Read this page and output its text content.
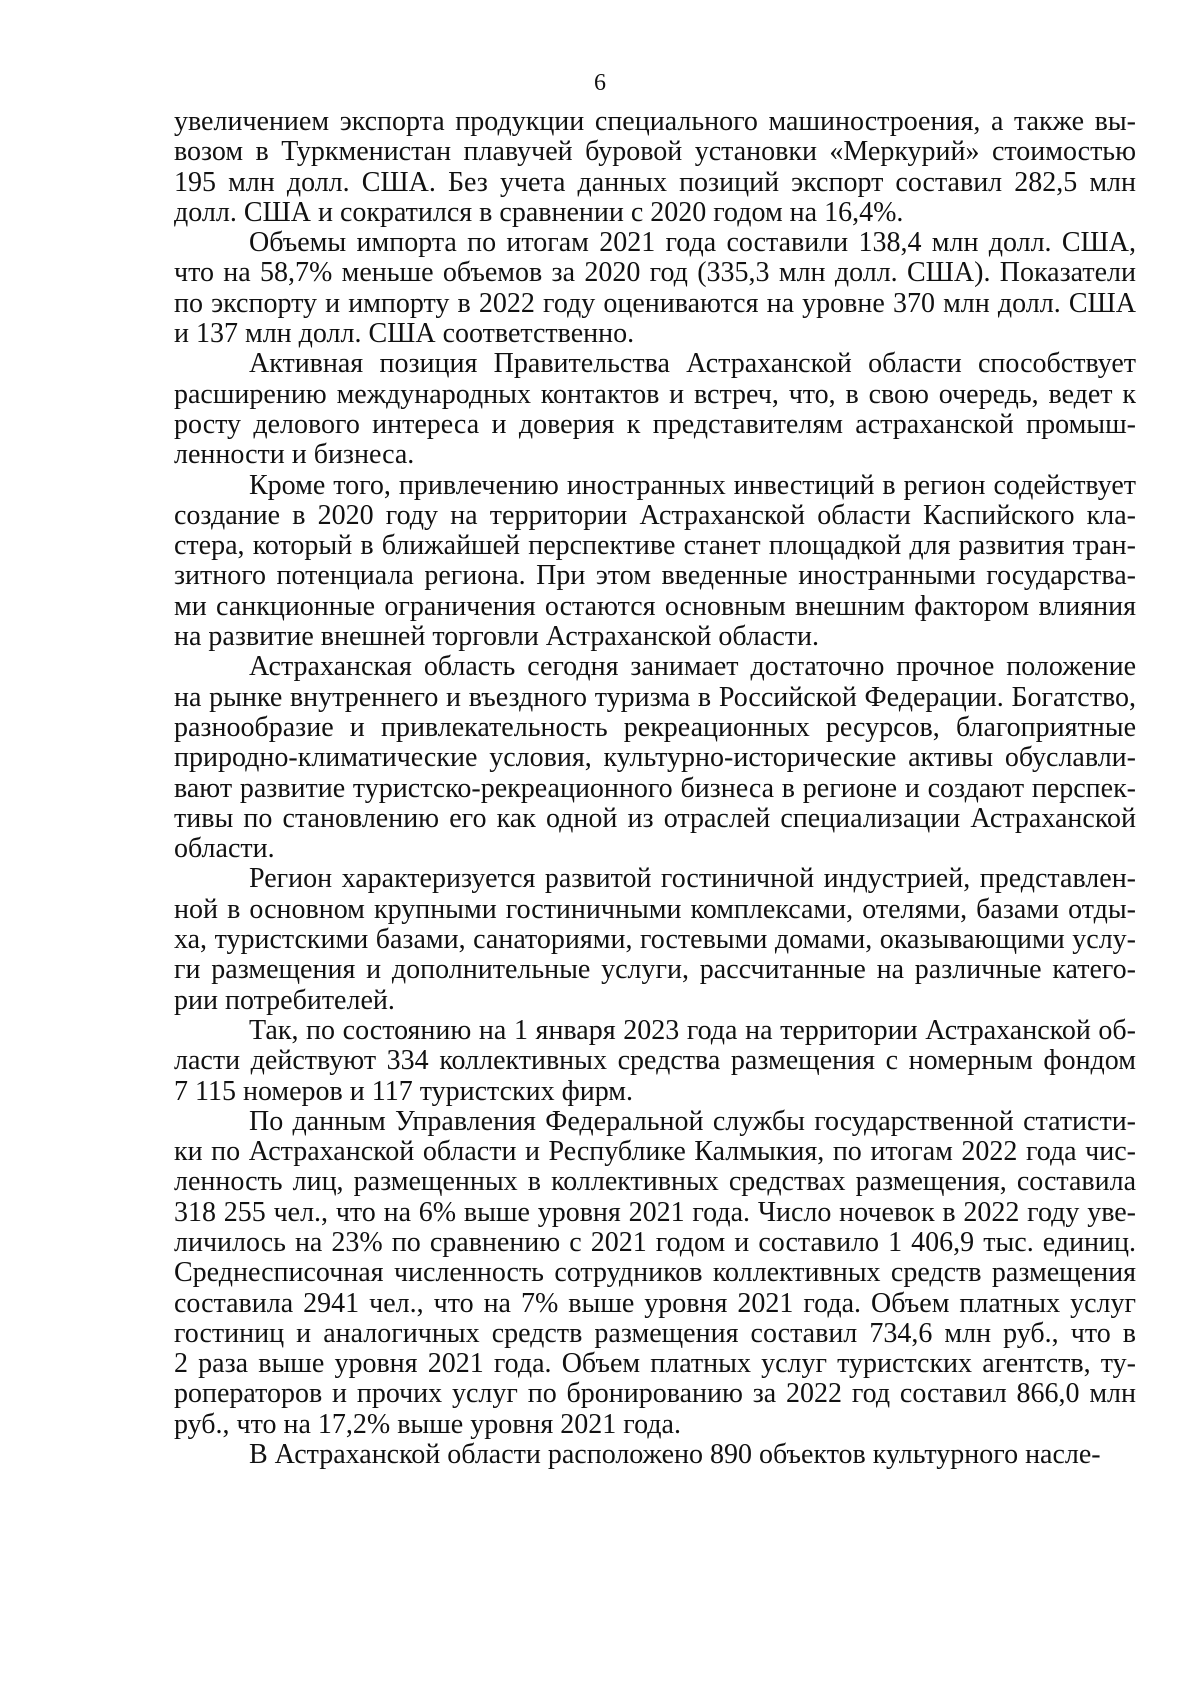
6
увеличением экспорта продукции специального машиностроения, а также вы-
возом в Туркменистан плавучей буровой установки «Меркурий» стоимостью
195 млн долл. США. Без учета данных позиций экспорт составил 282,5 млн
долл. США и сократился в сравнении с 2020 годом на 16,4%.
Объемы импорта по итогам 2021 года составили 138,4 млн долл. США,
что на 58,7% меньше объемов за 2020 год (335,3 млн долл. США). Показатели
по экспорту и импорту в 2022 году оцениваются на уровне 370 млн долл. США
и 137 млн долл. США соответственно.
Активная позиция Правительства Астраханской области способствует
расширению международных контактов и встреч, что, в свою очередь, ведет к
росту делового интереса и доверия к представителям астраханской промыш-
ленности и бизнеса.
Кроме того, привлечению иностранных инвестиций в регион содействует
создание в 2020 году на территории Астраханской области Каспийского кла-
стера, который в ближайшей перспективе станет площадкой для развития тран-
зитного потенциала региона. При этом введенные иностранными государства-
ми санкционные ограничения остаются основным внешним фактором влияния
на развитие внешней торговли Астраханской области.
Астраханская область сегодня занимает достаточно прочное положение
на рынке внутреннего и въездного туризма в Российской Федерации. Богатство,
разнообразие и привлекательность рекреационных ресурсов, благоприятные
природно-климатические условия, культурно-исторические активы обуславли-
вают развитие туристско-рекреационного бизнеса в регионе и создают перспек-
тивы по становлению его как одной из отраслей специализации Астраханской
области.
Регион характеризуется развитой гостиничной индустрией, представлен-
ной в основном крупными гостиничными комплексами, отелями, базами отды-
ха, туристскими базами, санаториями, гостевыми домами, оказывающими услу-
ги размещения и дополнительные услуги, рассчитанные на различные катего-
рии потребителей.
Так, по состоянию на 1 января 2023 года на территории Астраханской об-
ласти действуют 334 коллективных средства размещения с номерным фондом
7 115 номеров и 117 туристских фирм.
По данным Управления Федеральной службы государственной статисти-
ки по Астраханской области и Республике Калмыкия, по итогам 2022 года чис-
ленность лиц, размещенных в коллективных средствах размещения, составила
318 255 чел., что на 6% выше уровня 2021 года. Число ночевок в 2022 году уве-
личилось на 23% по сравнению с 2021 годом и составило 1 406,9 тыс. единиц.
Среднесписочная численность сотрудников коллективных средств размещения
составила 2941 чел., что на 7% выше уровня 2021 года. Объем платных услуг
гостиниц и аналогичных средств размещения составил 734,6 млн руб., что в
2 раза выше уровня 2021 года. Объем платных услуг туристских агентств, ту-
роператоров и прочих услуг по бронированию за 2022 год составил 866,0 млн
руб., что на 17,2% выше уровня 2021 года.
В Астраханской области расположено 890 объектов культурного насле-
